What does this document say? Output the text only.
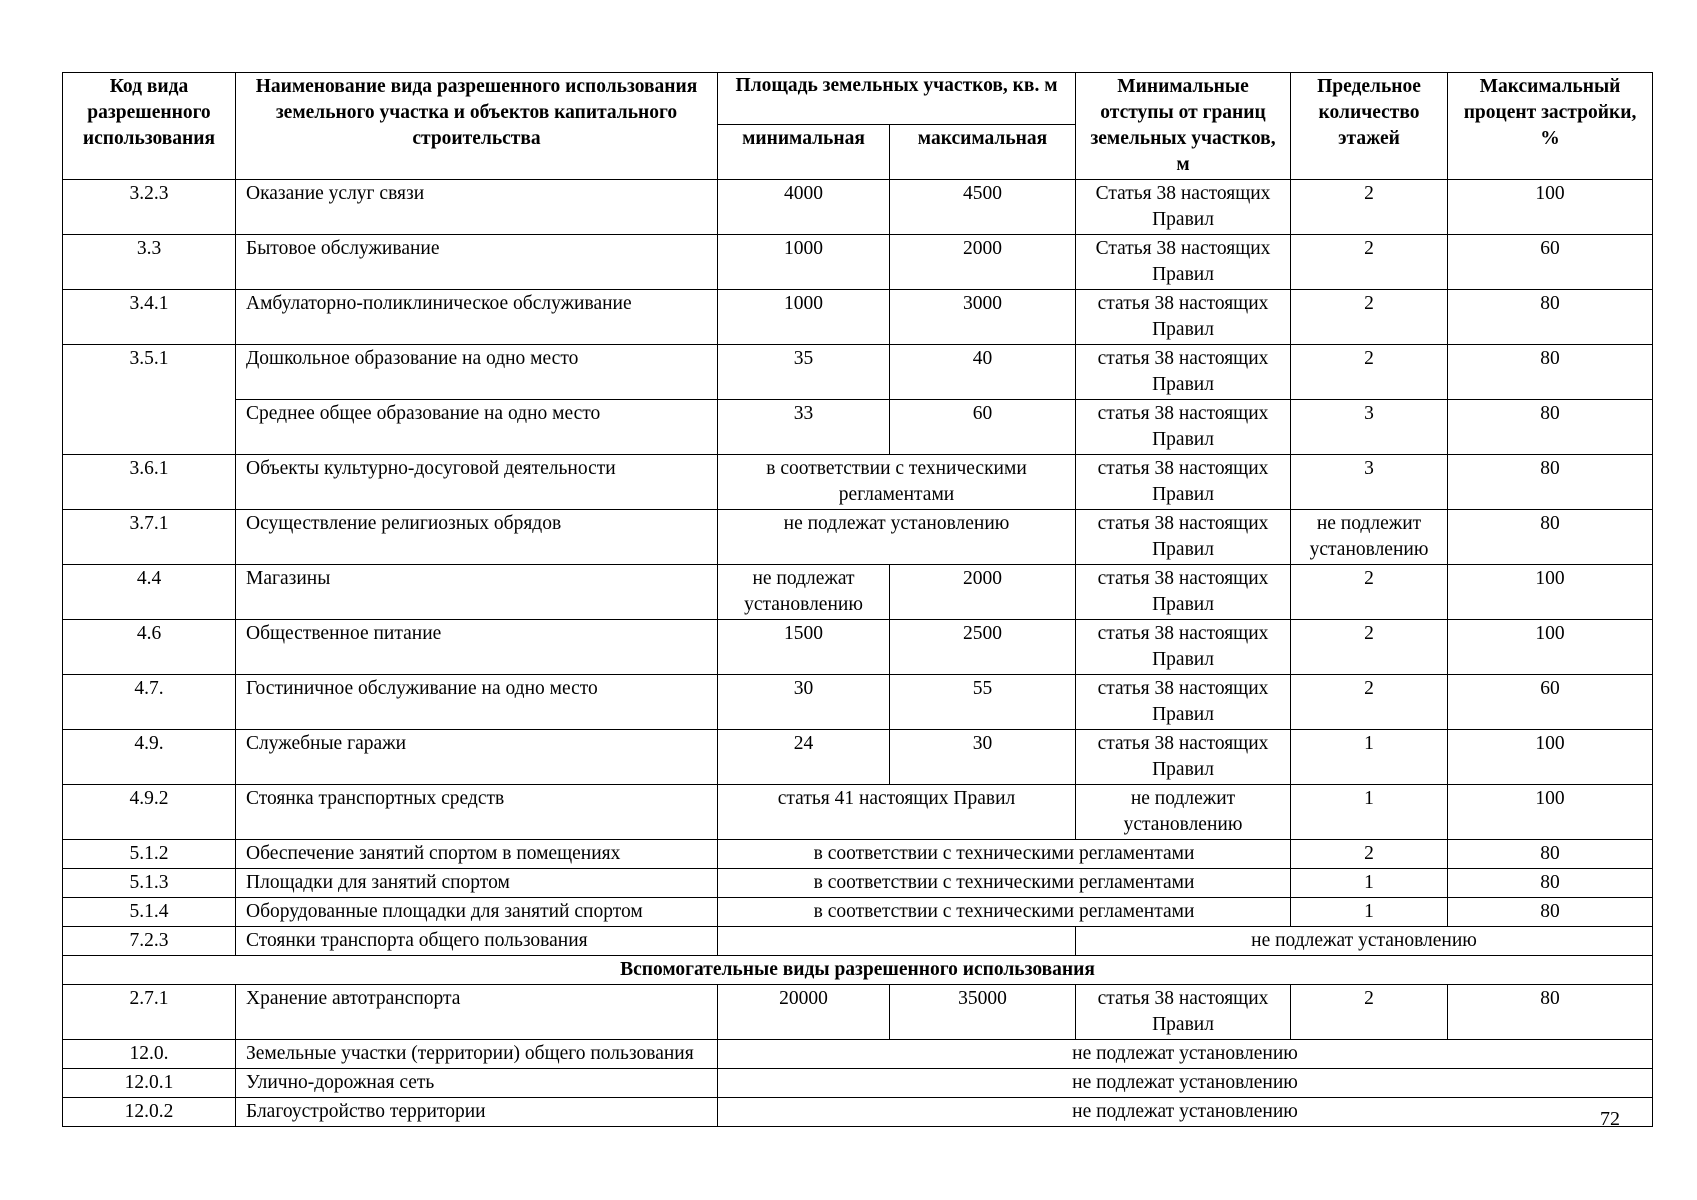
Код вида разрешенного использования	Наименование вида разрешенного использования земельного участка и объектов капитального строительства	Площадь земельных участков, кв. м		Минимальные отступы от границ земельных участков, м	Предельное количество этажей	Максимальный процент застройки, %
		минимальная	максимальная			
3.2.3	Оказание услуг связи	4000	4500	Статья 38 настоящих Правил	2	100
3.3	Бытовое обслуживание	1000	2000	Статья 38 настоящих Правил	2	60
3.4.1	Амбулаторно-поликлиническое обслуживание	1000	3000	статья 38 настоящих Правил	2	80
3.5.1	Дошкольное образование на одно место	35	40	статья 38 настоящих Правил	2	80
	Среднее общее образование на одно место	33	60	статья 38 настоящих Правил	3	80
3.6.1	Объекты культурно-досуговой деятельности	в соответствии с техническими регламентами		статья 38 настоящих Правил	3	80
3.7.1	Осуществление религиозных обрядов	не подлежат установлению		статья 38 настоящих Правил	не подлежит установлению	80
4.4	Магазины	не подлежат установлению	2000	статья 38 настоящих Правил	2	100
4.6	Общественное питание	1500	2500	статья 38 настоящих Правил	2	100
4.7.	Гостиничное обслуживание на одно место	30	55	статья 38 настоящих Правил	2	60
4.9.	Служебные гаражи	24	30	статья 38 настоящих Правил	1	100
4.9.2	Стоянка транспортных средств	статья 41 настоящих Правил		не подлежит установлению	1	100
5.1.2	Обеспечение занятий спортом в помещениях	в соответствии с техническими регламентами			2	80
5.1.3	Площадки для занятий спортом	в соответствии с техническими регламентами			1	80
5.1.4	Оборудованные площадки для занятий спортом	в соответствии с техническими регламентами			1	80
7.2.3	Стоянки транспорта общего пользования			не подлежат установлению		
Вспомогательные виды разрешенного использования						
2.7.1	Хранение автотранспорта	20000	35000	статья 38 настоящих Правил	2	80
12.0.	Земельные участки (территории) общего пользования	не подлежат установлению				
12.0.1	Улично-дорожная сеть	не подлежат установлению				
12.0.2	Благоустройство территории	не подлежат установлению					72
